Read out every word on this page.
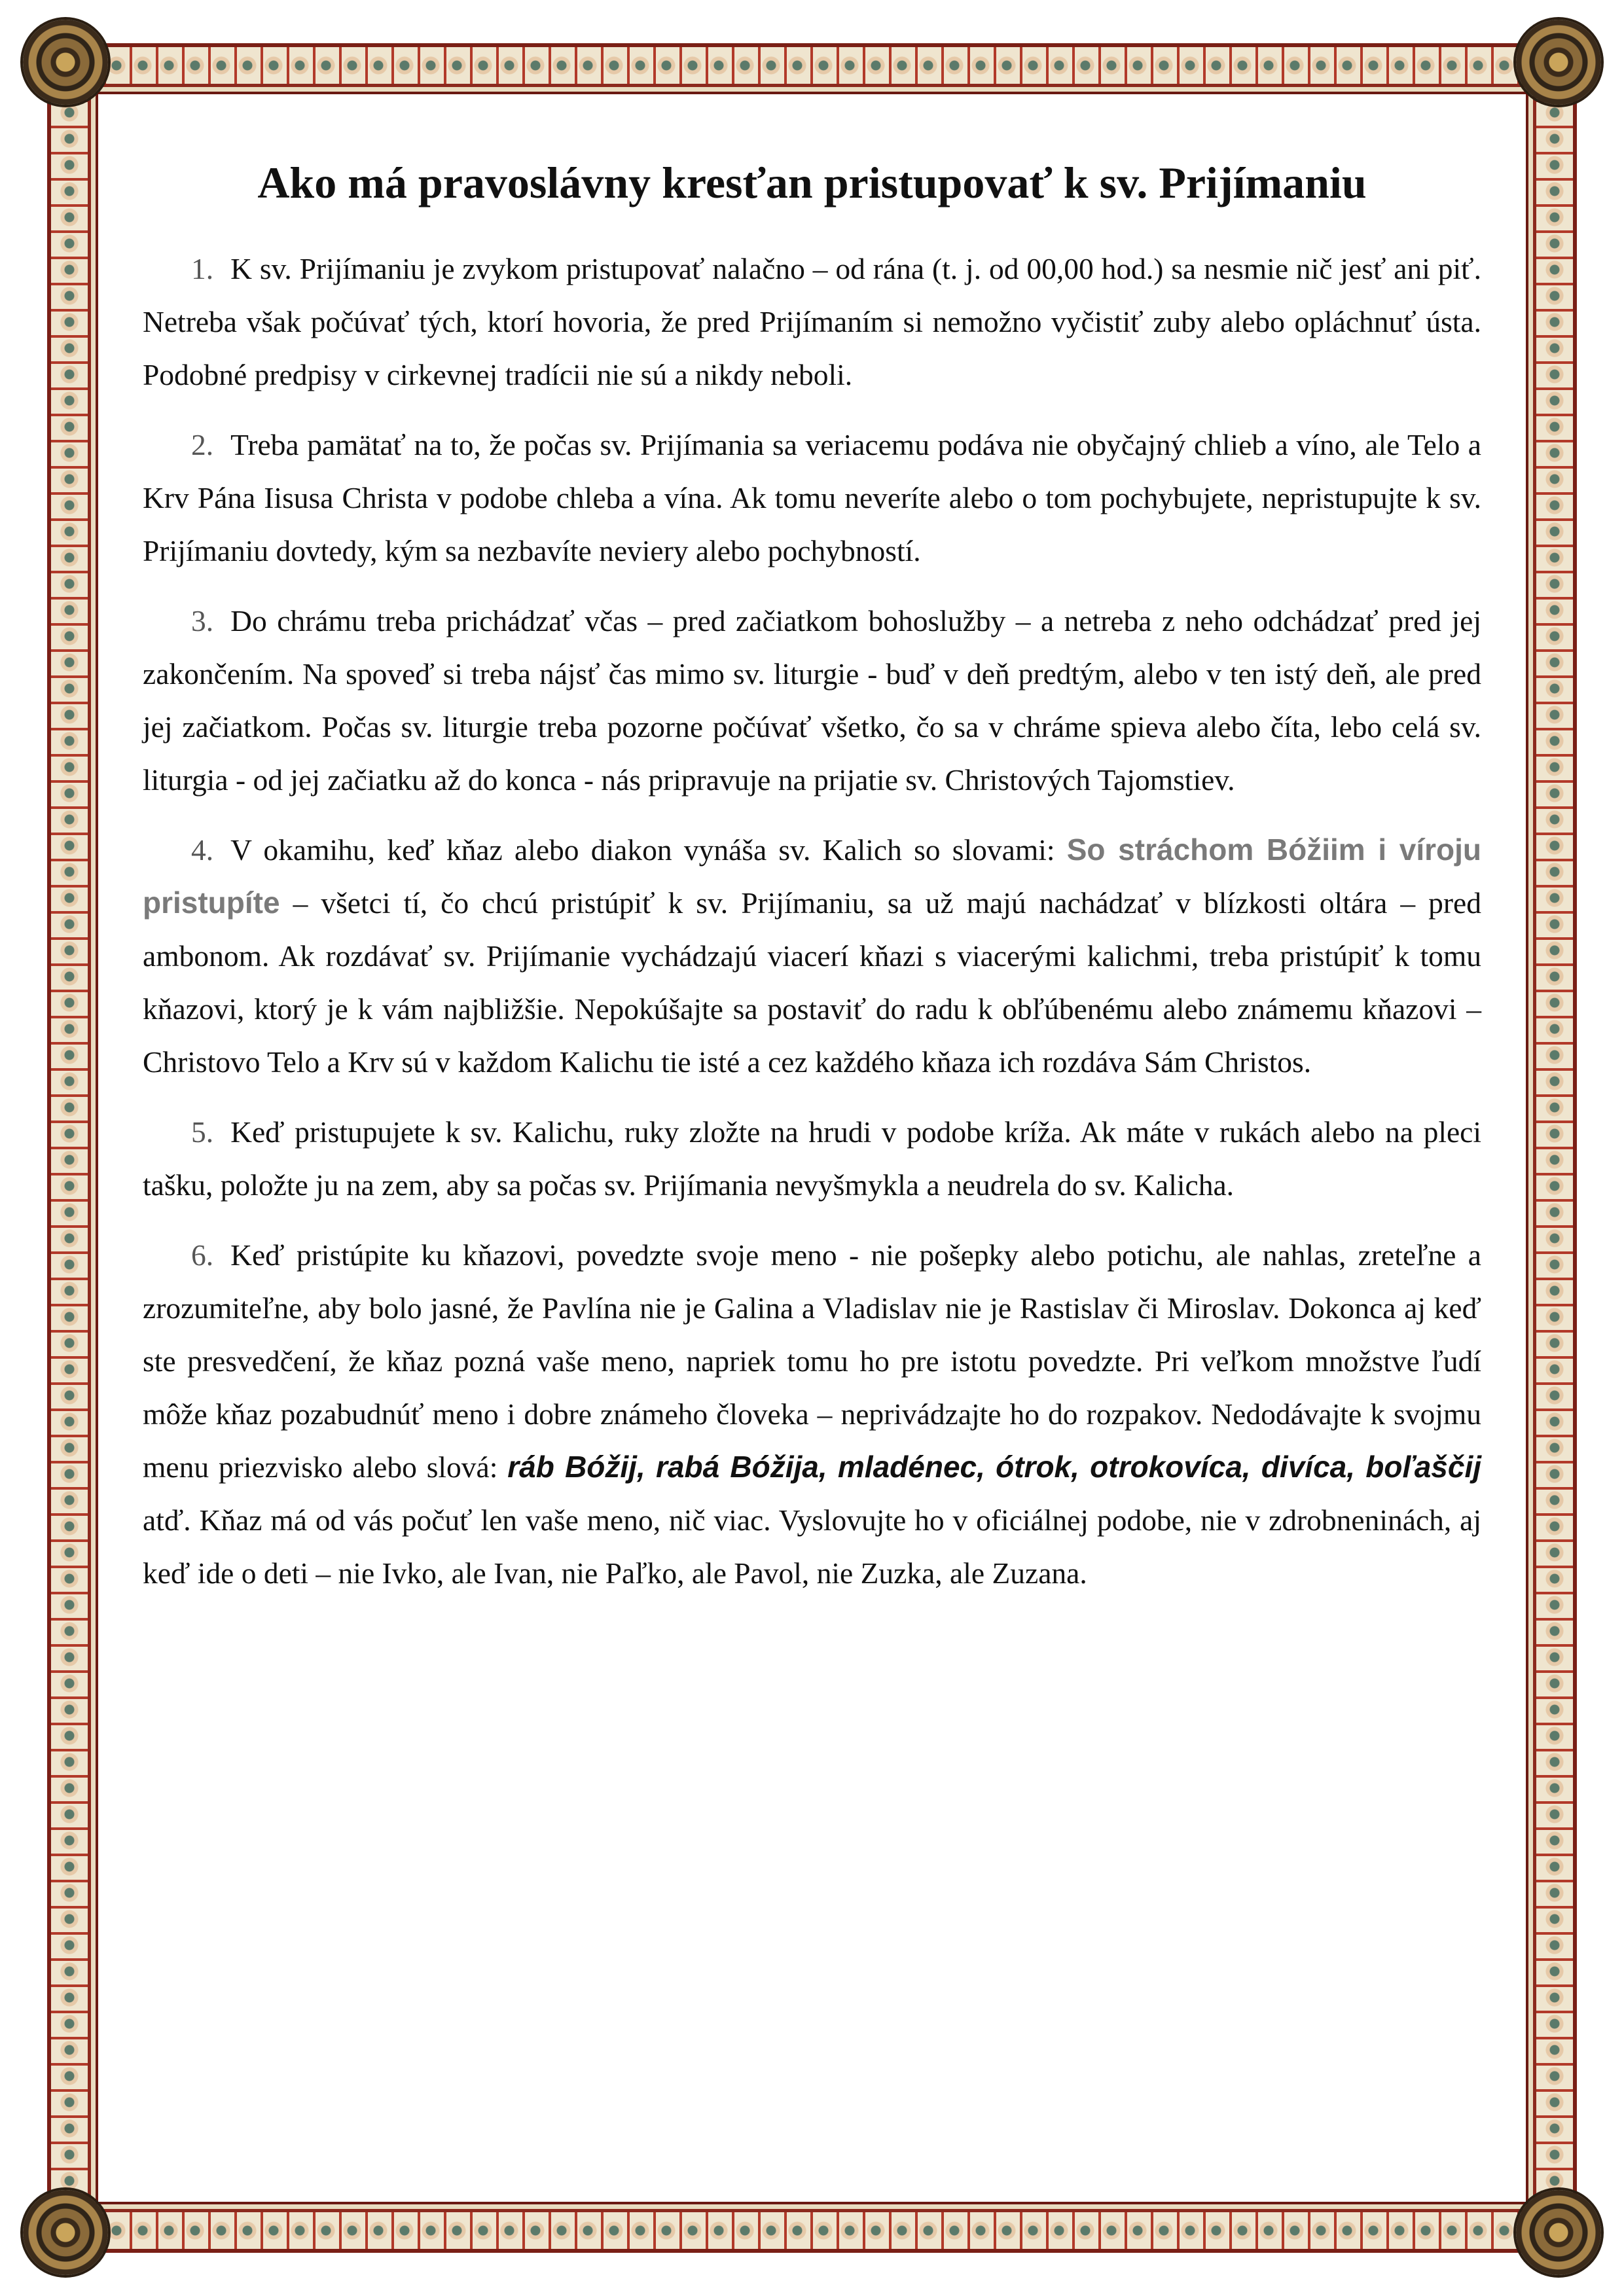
Ako má pravoslávny kresťan pristupovať k sv. Prijímaniu

1. K sv. Prijímaniu je zvykom pristupovať nalačno – od rána (t. j. od 00,00 hod.) sa nesmie nič jesť ani piť. Netreba však počúvať tých, ktorí hovoria, že pred Prijímaním si nemožno vyčistiť zuby alebo opláchnuť ústa. Podobné predpisy v cirkevnej tradícii nie sú a nikdy neboli.

2. Treba pamätať na to, že počas sv. Prijímania sa veriacemu podáva nie obyčajný chlieb a víno, ale Telo a Krv Pána Iisusa Christa v podobe chleba a vína. Ak tomu neveríte alebo o tom pochybujete, nepristupujte k sv. Prijímaniu dovtedy, kým sa nezbavíte neviery alebo pochybností.

3. Do chrámu treba prichádzať včas – pred začiatkom bohoslužby – a netreba z neho odchádzať pred jej zakončením. Na spoveď si treba nájsť čas mimo sv. liturgie - buď v deň predtým, alebo v ten istý deň, ale pred jej začiatkom. Počas sv. liturgie treba pozorne počúvať všetko, čo sa v chráme spieva alebo číta, lebo celá sv. liturgia - od jej začiatku až do konca - nás pripravuje na prijatie sv. Christových Tajomstiev.

4. V okamihu, keď kňaz alebo diakon vynáša sv. Kalich so slovami: So stráchom Bóžiim i víroju pristupíte – všetci tí, čo chcú pristúpiť k sv. Prijímaniu, sa už majú nachádzať v blízkosti oltára – pred ambonom. Ak rozdávať sv. Prijímanie vychádzajú viacerí kňazi s viacerými kalichmi, treba pristúpiť k tomu kňazovi, ktorý je k vám najbližšie. Nepokúšajte sa postaviť do radu k obľúbenému alebo známemu kňazovi – Christovo Telo a Krv sú v každom Kalichu tie isté a cez každého kňaza ich rozdáva Sám Christos.

5. Keď pristupujete k sv. Kalichu, ruky zložte na hrudi v podobe kríža. Ak máte v rukách alebo na pleci tašku, položte ju na zem, aby sa počas sv. Prijímania nevyšmykla a neudrela do sv. Kalicha.

6. Keď pristúpite ku kňazovi, povedzte svoje meno - nie pošepky alebo potichu, ale nahlas, zreteľne a zrozumiteľne, aby bolo jasné, že Pavlína nie je Galina a Vladislav nie je Rastislav či Miroslav. Dokonca aj keď ste presvedčení, že kňaz pozná vaše meno, napriek tomu ho pre istotu povedzte. Pri veľkom množstve ľudí môže kňaz pozabudnúť meno i dobre známeho človeka – neprivádzajte ho do rozpakov. Nedodávajte k svojmu menu priezvisko alebo slová: ráb Bóžij, rabá Bóžija, mladénec, ótrok, otrokovíca, divíca, boľaščij atď. Kňaz má od vás počuť len vaše meno, nič viac. Vyslovujte ho v oficiálnej podobe, nie v zdrobneninách, aj keď ide o deti – nie Ivko, ale Ivan, nie Paľko, ale Pavol, nie Zuzka, ale Zuzana.
